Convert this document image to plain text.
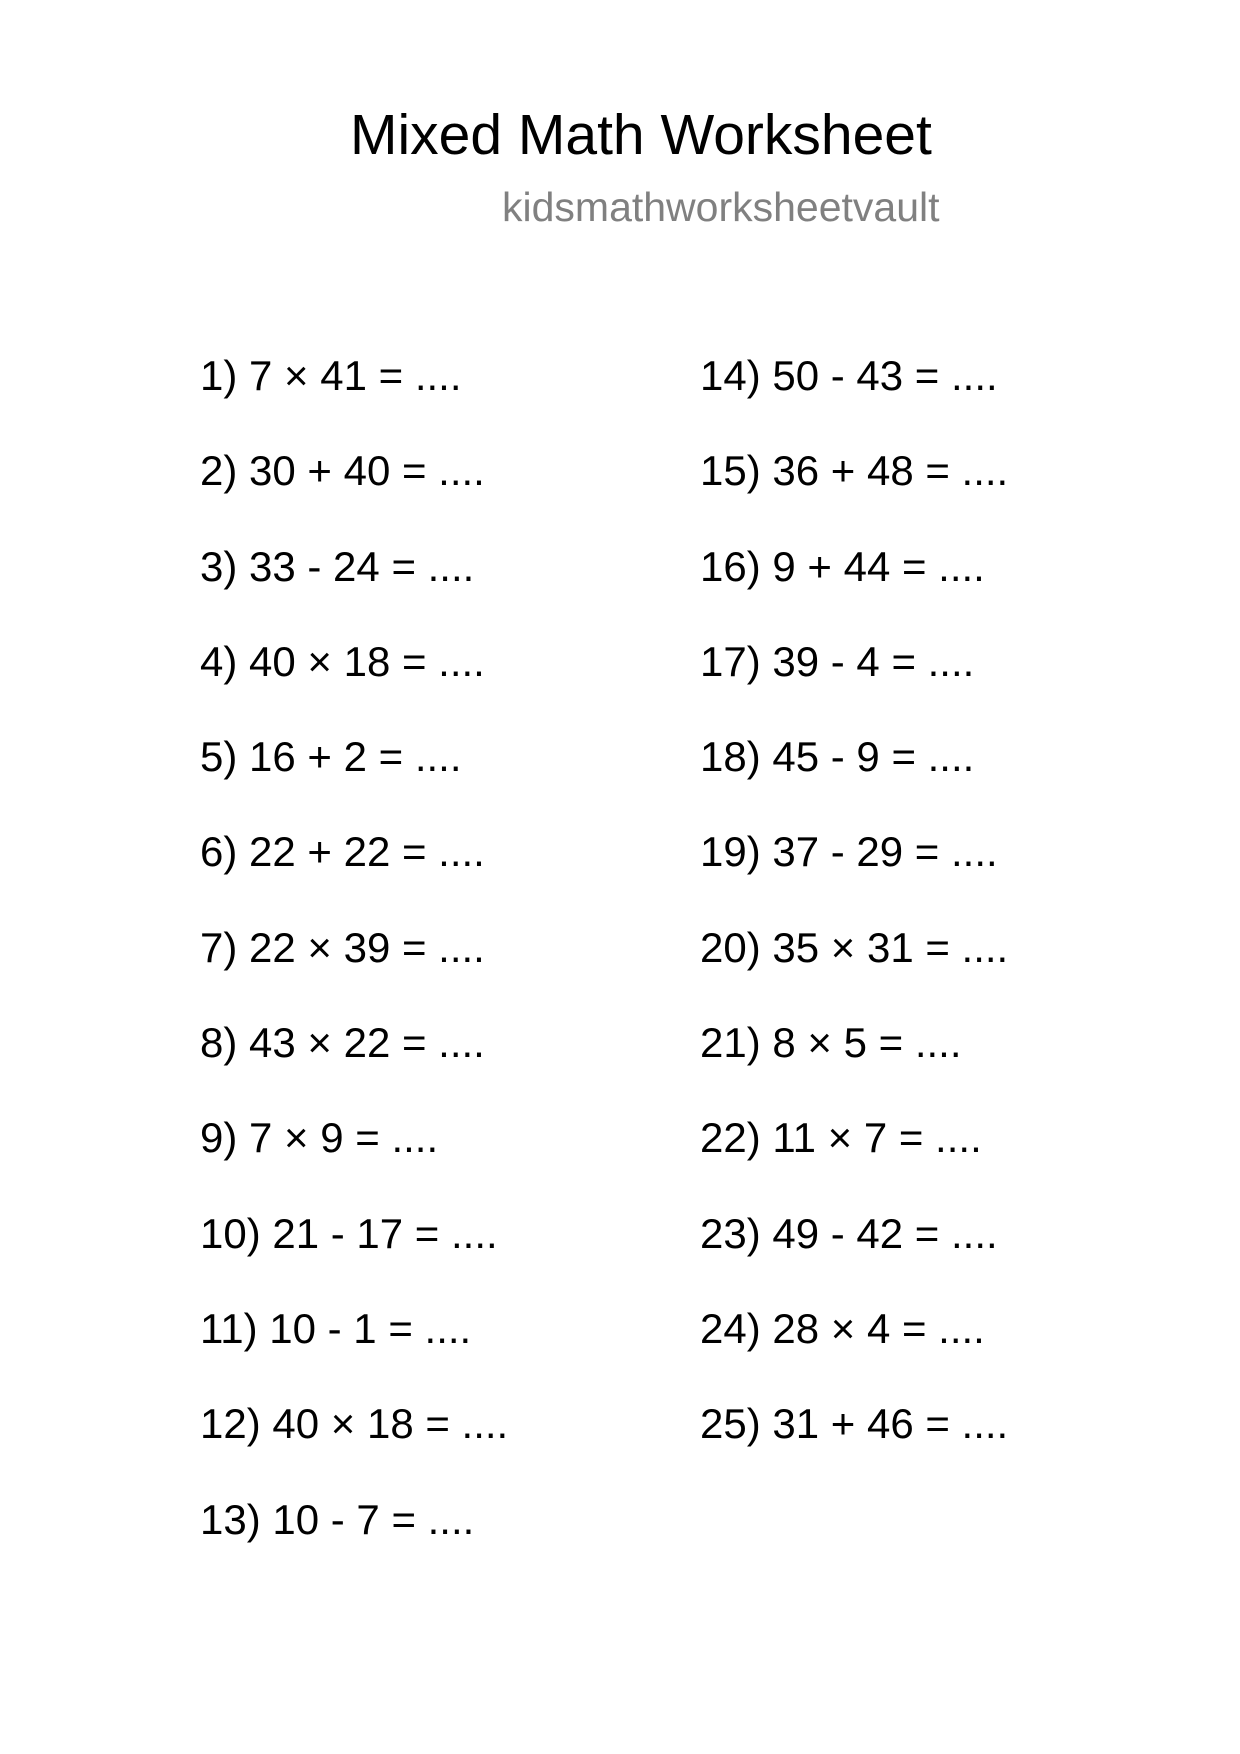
Mixed Math Worksheet
kidsmathworksheetvault
1) 7 × 41 = ....
2) 30 + 40 = ....
3) 33 - 24 = ....
4) 40 × 18 = ....
5) 16 + 2 = ....
6) 22 + 22 = ....
7) 22 × 39 = ....
8) 43 × 22 = ....
9) 7 × 9 = ....
10) 21 - 17 = ....
11) 10 - 1 = ....
12) 40 × 18 = ....
13) 10 - 7 = ....
14) 50 - 43 = ....
15) 36 + 48 = ....
16) 9 + 44 = ....
17) 39 - 4 = ....
18) 45 - 9 = ....
19) 37 - 29 = ....
20) 35 × 31 = ....
21) 8 × 5 = ....
22) 11 × 7 = ....
23) 49 - 42 = ....
24) 28 × 4 = ....
25) 31 + 46 = ....
